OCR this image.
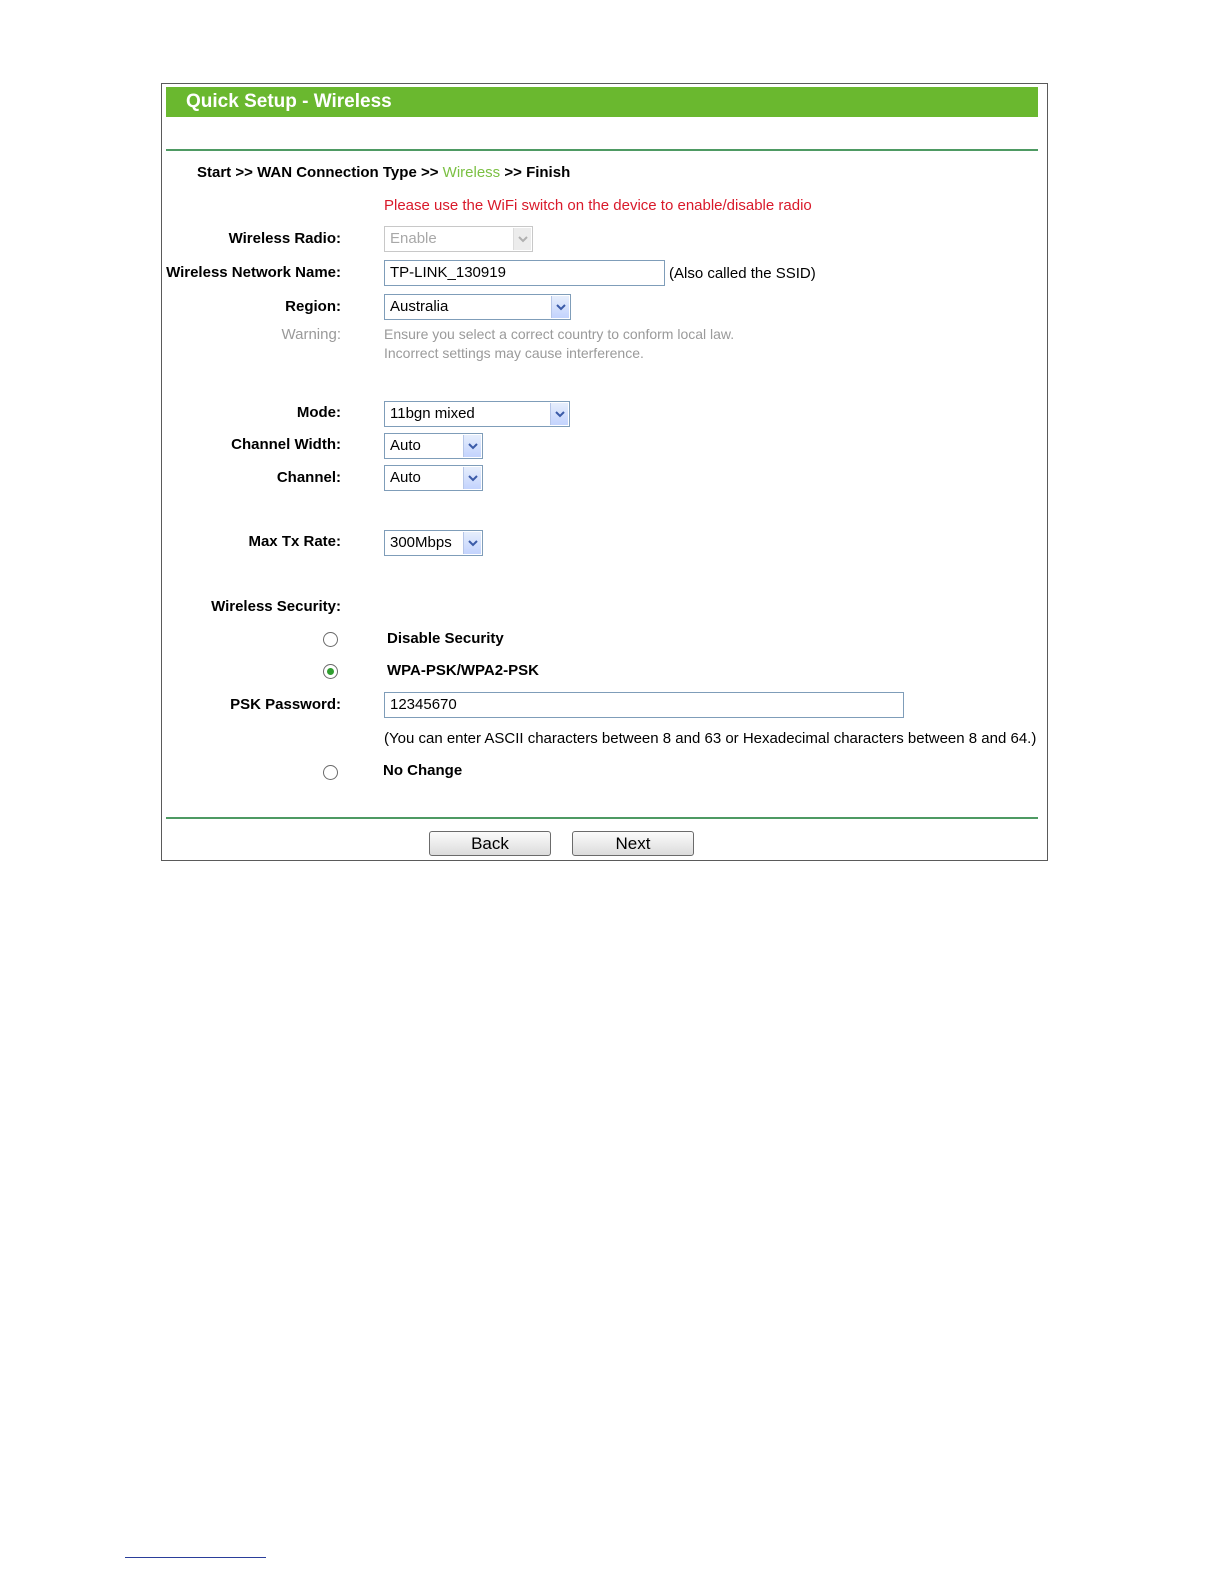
Quick Setup - Wireless
Start >> WAN Connection Type >> Wireless >> Finish
Please use the WiFi switch on the device to enable/disable radio
Wireless Radio:	Enable
Wireless Network Name:	TP-LINK_130919	(Also called the SSID)
Region:	Australia
Warning:	Ensure you select a correct country to conform local law.
Incorrect settings may cause interference.
Mode:	11bgn mixed
Channel Width:	Auto
Channel:	Auto
Max Tx Rate:	300Mbps
Wireless Security:
Disable Security
WPA-PSK/WPA2-PSK
PSK Password:	12345670
(You can enter ASCII characters between 8 and 63 or Hexadecimal characters between 8 and 64.)
No Change
Back	Next
